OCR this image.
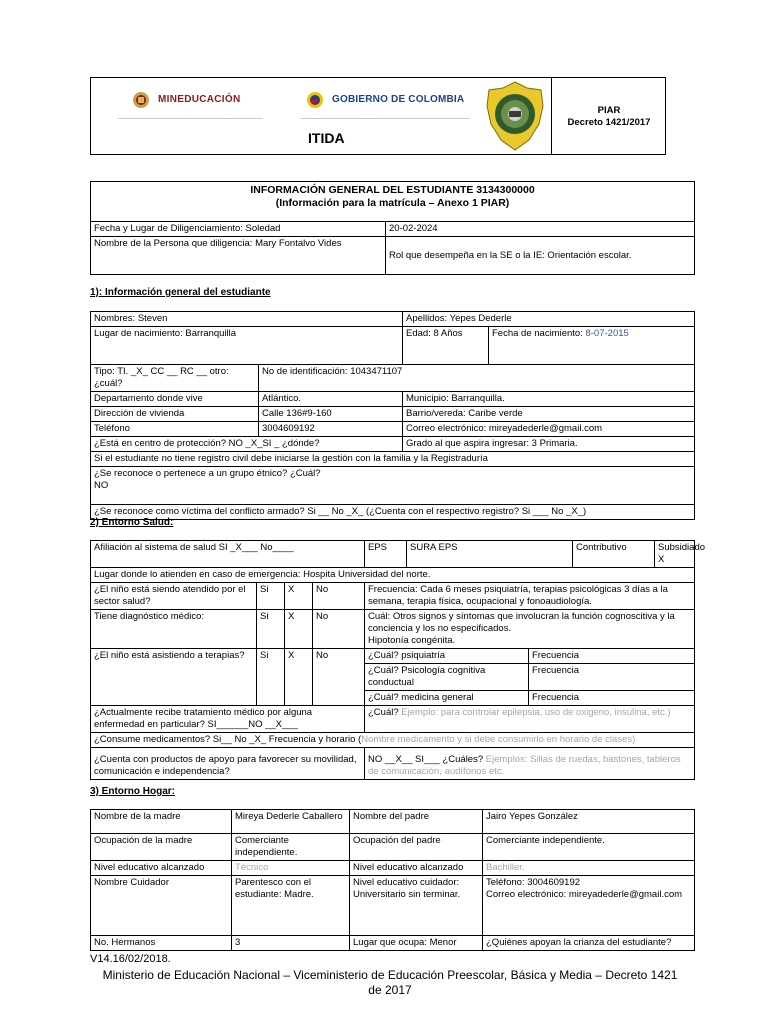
MINEDUCACIÓN	GOBIERNO DE COLOMBIA
ITIDA
PIAR
Decreto 1421/2017
INFORMACIÓN GENERAL DEL ESTUDIANTE 3134300000
(Información para la matrícula – Anexo 1 PIAR)	

Fecha y Lugar de Diligenciamiento: Soledad	20-02-2024
Nombre de la Persona que diligencia: Mary Fontalvo Vides	Rol que desempeña en la SE o la IE: Orientación escolar.
1): Información general del estudiante
Nombres: Steven		Apellidos: Yepes Dederle	
Lugar de nacimiento: Barranquilla		Edad: 8 Años	Fecha de nacimiento: 8-07-2015
Tipo: TI. _X_ CC __ RC __ otro: ¿cuál?	No de identificación: 1043471107		
Departamento donde vive	Atlántico.	Municipio: Barranquilla.	
Dirección de vivienda	Calle 136#9-160	Barrio/vereda: Caribe verde	
Teléfono	3004609192	Correo electrónico: mireyadederle@gmail.com	
¿Está en centro de protección? NO _X_SI _ ¿dónde?		Grado al que aspira ingresar: 3 Primaria.	
Si el estudiante no tiene registro civil debe iniciarse la gestión con la familia y la Registraduría			

¿Se reconoce o pertenece a un grupo étnico? ¿Cuál?
NO			

¿Se reconoce como víctima del conflicto armado? Si __ No _X_ (¿Cuenta con el respectivo registro? Si ___ No _X_)			
2) Entorno Salud:
Afiliación al sistema de salud SI _X___ No____				EPS	SURA EPS		Contributivo	Subsidiado X
Lugar donde lo atienden en caso de emergencia: Hospita Universidad del norte.								
¿El niño está siendo atendido por el sector salud?	Si	X	No	Frecuencia: Cada 6 meses psiquiatría, terapias psicológicas 3 días a la semana, terapia física, ocupacional y fonoaudiología.				
Tiene diagnóstico médico:	Si	X	No	Cuál: Otros signos y síntomas que involucran la función cognoscitiva y la conciencia y los no especificados.
Hipotonía congénita.				

¿El niño está asistiendo a terapias?	Si	X	No	¿Cuál? psiquiatría		Frecuencia		
				¿Cuál? Psicología cognitiva conductual		Frecuencia		
				¿Cuál? medicina general		Frecuencia		
¿Actualmente recibe tratamiento médico por alguna enfermedad en particular? SI______NO __X___				¿Cuál? Ejemplo: para controlar epilepsia, uso de oxigeno, insulina, etc.)				
¿Consume medicamentos? Si__ No _X_ Frecuencia y horario (Nombre medicamento y si debe consumirlo en horario de clases)								
¿Cuenta con productos de apoyo para favorecer su movilidad, comunicación e independencia?				NO __X__ SI___ ¿Cuáles? Ejemplos: Sillas de ruedas, bastones, tableros de comunicación, audífonos etc.				
3) Entorno Hogar:
Nombre de la madre	Mireya Dederle Caballero	Nombre del padre	Jairo Yepes González
Ocupación de la madre	Comerciante independiente.	Ocupación del padre	Comerciante independiente.
Nivel educativo alcanzado	Técnico	Nivel educativo alcanzado	Bachiller.
Nombre Cuidador	Parentesco con el estudiante: Madre.	Nivel educativo cuidador: Universitario sin terminar.	Teléfono: 3004609192
Correo electrónico: mireyadederle@gmail.com

No. Hermanos	3	Lugar que ocupa: Menor	¿Quiénes apoyan la crianza del estudiante?
V14.16/02/2018.
Ministerio de Educación Nacional – Viceministerio de Educación Preescolar, Básica y Media – Decreto 1421 de 2017
